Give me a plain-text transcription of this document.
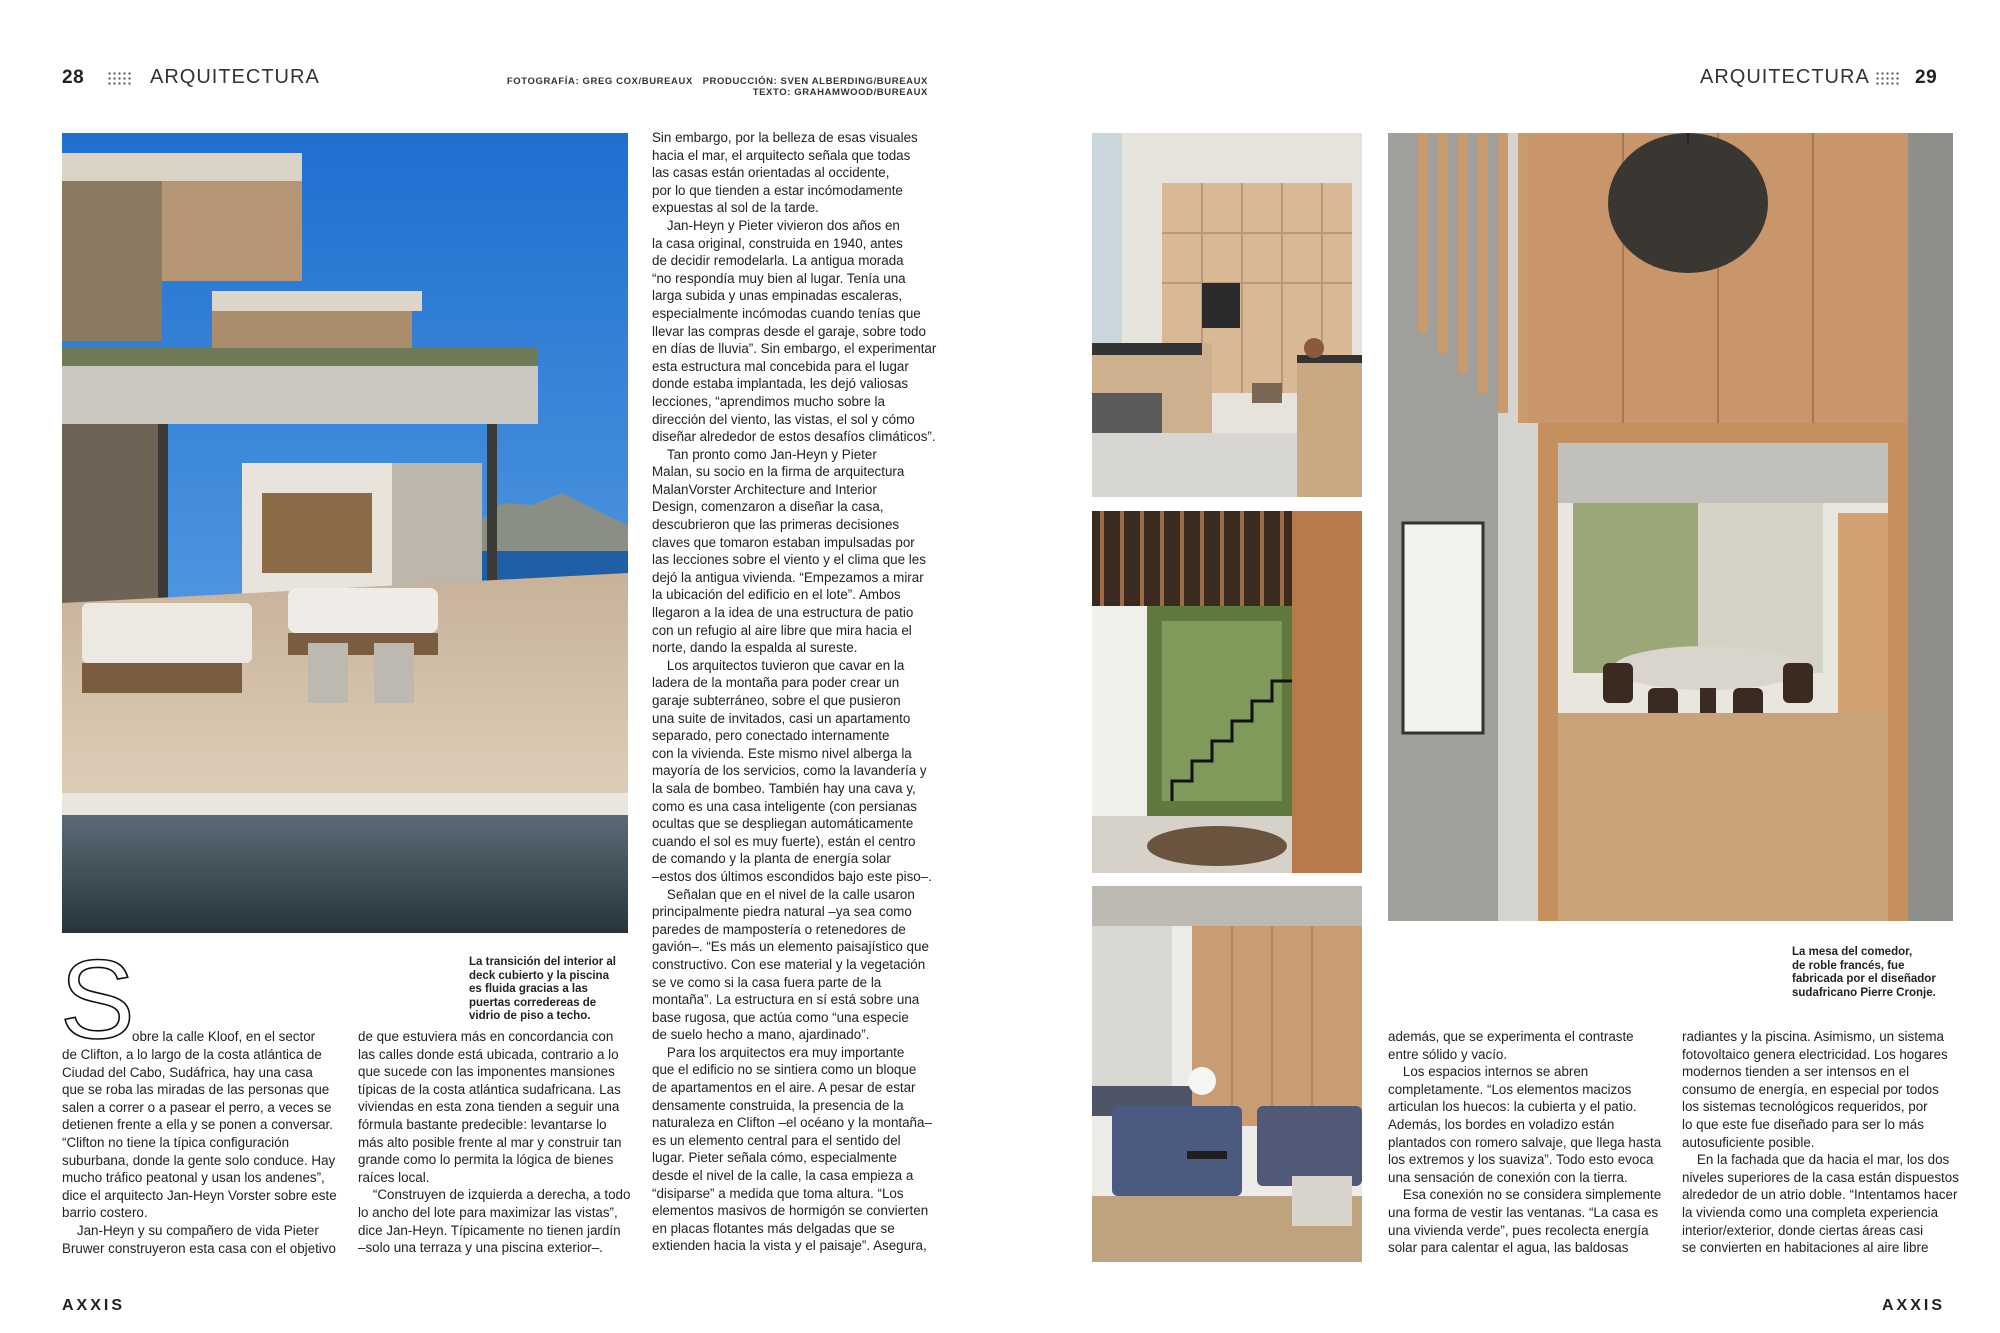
28	ARQUITECTURA	FOTOGRAFÍA: GREG COX/BUREAUX   PRODUCCIÓN: SVEN ALBERDING/BUREAUX
TEXTO: GRAHAMWOOD/BUREAUX
ARQUITECTURA 29
La transición del interior al
deck cubierto y la piscina
es fluida gracias a las
puertas corredereas de
vidrio de piso a techo.
S
obre la calle Kloof, en el sector
de Clifton, a lo largo de la costa atlántica de
Ciudad del Cabo, Sudáfrica, hay una casa
que se roba las miradas de las personas que
salen a correr o a pasear el perro, a veces se
detienen frente a ella y se ponen a conversar.
“Clifton no tiene la típica configuración
suburbana, donde la gente solo conduce. Hay
mucho tráfico peatonal y usan los andenes”,
dice el arquitecto Jan-Heyn Vorster sobre este
barrio costero.
Jan-Heyn y su compañero de vida Pieter
Bruwer construyeron esta casa con el objetivo
de que estuviera más en concordancia con
las calles donde está ubicada, contrario a lo
que sucede con las imponentes mansiones
típicas de la costa atlántica sudafricana. Las
viviendas en esta zona tienden a seguir una
fórmula bastante predecible: levantarse lo
más alto posible frente al mar y construir tan
grande como lo permita la lógica de bienes
raíces local.
“Construyen de izquierda a derecha, a todo
lo ancho del lote para maximizar las vistas”,
dice Jan-Heyn. Típicamente no tienen jardín
–solo una terraza y una piscina exterior–.
Sin embargo, por la belleza de esas visuales
hacia el mar, el arquitecto señala que todas
las casas están orientadas al occidente,
por lo que tienden a estar incómodamente
expuestas al sol de la tarde.
Jan-Heyn y Pieter vivieron dos años en
la casa original, construida en 1940, antes
de decidir remodelarla. La antigua morada
“no respondía muy bien al lugar. Tenía una
larga subida y unas empinadas escaleras,
especialmente incómodas cuando tenías que
llevar las compras desde el garaje, sobre todo
en días de lluvia”. Sin embargo, el experimentar
esta estructura mal concebida para el lugar
donde estaba implantada, les dejó valiosas
lecciones, “aprendimos mucho sobre la
dirección del viento, las vistas, el sol y cómo
diseñar alrededor de estos desafíos climáticos”.
Tan pronto como Jan-Heyn y Pieter
Malan, su socio en la firma de arquitectura
MalanVorster Architecture and Interior
Design, comenzaron a diseñar la casa,
descubrieron que las primeras decisiones
claves que tomaron estaban impulsadas por
las lecciones sobre el viento y el clima que les
dejó la antigua vivienda. “Empezamos a mirar
la ubicación del edificio en el lote”. Ambos
llegaron a la idea de una estructura de patio
con un refugio al aire libre que mira hacia el
norte, dando la espalda al sureste.
Los arquitectos tuvieron que cavar en la
ladera de la montaña para poder crear un
garaje subterráneo, sobre el que pusieron
una suite de invitados, casi un apartamento
separado, pero conectado internamente
con la vivienda. Este mismo nivel alberga la
mayoría de los servicios, como la lavandería y
la sala de bombeo. También hay una cava y,
como es una casa inteligente (con persianas
ocultas que se despliegan automáticamente
cuando el sol es muy fuerte), están el centro
de comando y la planta de energía solar
–estos dos últimos escondidos bajo este piso–.
Señalan que en el nivel de la calle usaron
principalmente piedra natural –ya sea como
paredes de mampostería o retenedores de
gavión–. “Es más un elemento paisajístico que
constructivo. Con ese material y la vegetación
se ve como si la casa fuera parte de la
montaña”. La estructura en sí está sobre una
base rugosa, que actúa como “una especie
de suelo hecho a mano, ajardinado”.
Para los arquitectos era muy importante
que el edificio no se sintiera como un bloque
de apartamentos en el aire. A pesar de estar
densamente construida, la presencia de la
naturaleza en Clifton –el océano y la montaña–
es un elemento central para el sentido del
lugar. Pieter señala cómo, especialmente
desde el nivel de la calle, la casa empieza a
“disiparse” a medida que toma altura. “Los
elementos masivos de hormigón se convierten
en placas flotantes más delgadas que se
extienden hacia la vista y el paisaje”. Asegura,
La mesa del comedor,
de roble francés, fue
fabricada por el diseñador
sudafricano Pierre Cronje.
además, que se experimenta el contraste
entre sólido y vacío.
Los espacios internos se abren
completamente. “Los elementos macizos
articulan los huecos: la cubierta y el patio.
Además, los bordes en voladizo están
plantados con romero salvaje, que llega hasta
los extremos y los suaviza”. Todo esto evoca
una sensación de conexión con la tierra.
Esa conexión no se considera simplemente
una forma de vestir las ventanas. “La casa es
una vivienda verde”, pues recolecta energía
solar para calentar el agua, las baldosas
radiantes y la piscina. Asimismo, un sistema
fotovoltaico genera electricidad. Los hogares
modernos tienden a ser intensos en el
consumo de energía, en especial por todos
los sistemas tecnológicos requeridos, por
lo que este fue diseñado para ser lo más
autosuficiente posible.
En la fachada que da hacia el mar, los dos
niveles superiores de la casa están dispuestos
alrededor de un atrio doble. “Intentamos hacer
la vivienda como una completa experiencia
interior/exterior, donde ciertas áreas casi
se convierten en habitaciones al aire libre
AXXIS	AXXIS
